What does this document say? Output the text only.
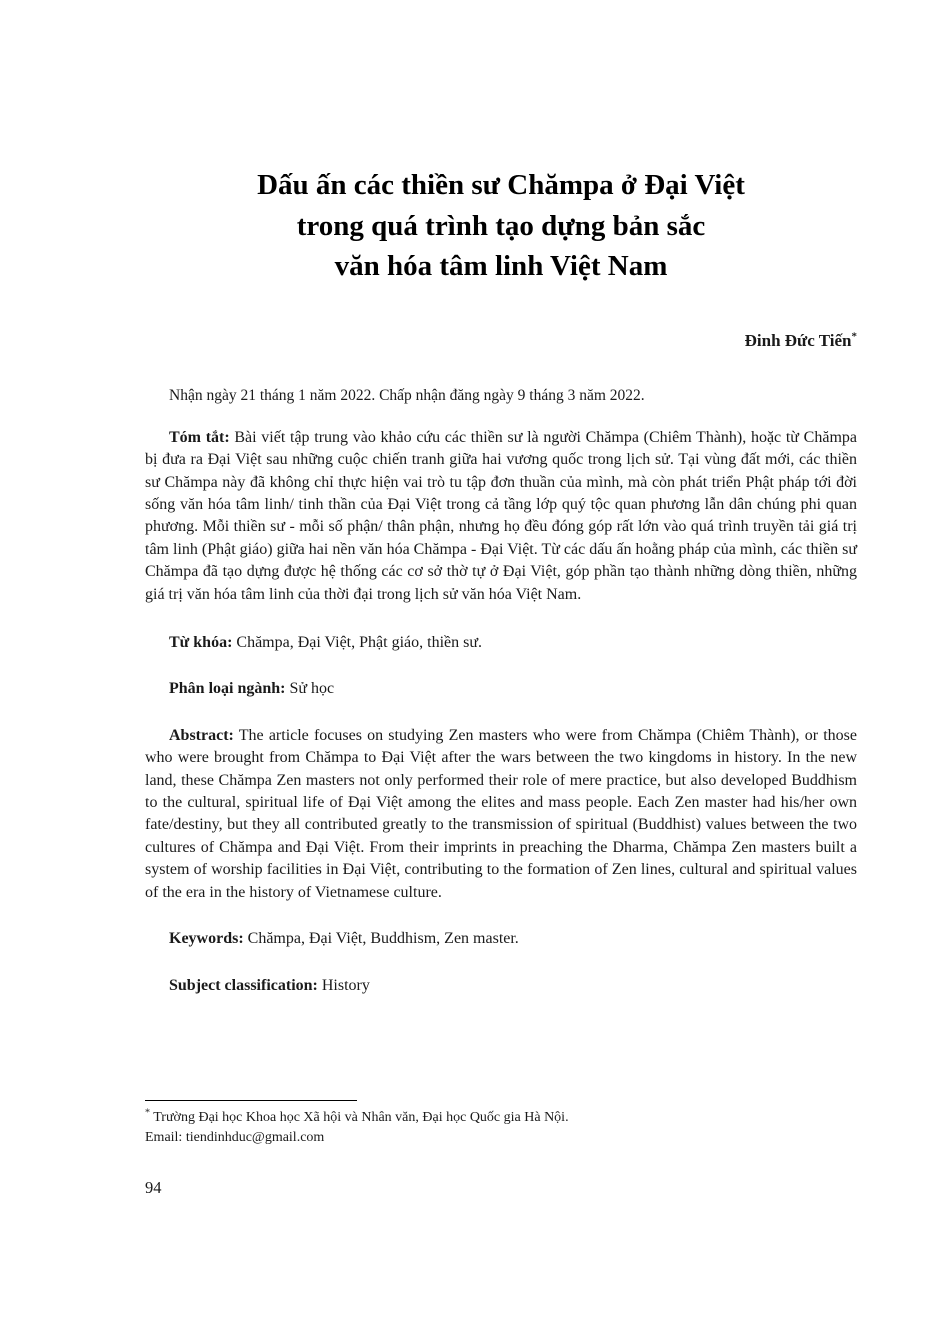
Dấu ấn các thiền sư Chămpa ở Đại Việt
trong quá trình tạo dựng bản sắc
văn hóa tâm linh Việt Nam
Đinh Đức Tiến*
Nhận ngày 21 tháng 1 năm 2022. Chấp nhận đăng ngày 9 tháng 3 năm 2022.

Tóm tắt: Bài viết tập trung vào khảo cứu các thiền sư là người Chămpa (Chiêm Thành), hoặc từ Chămpa bị đưa ra Đại Việt sau những cuộc chiến tranh giữa hai vương quốc trong lịch sử. Tại vùng đất mới, các thiền sư Chămpa này đã không chỉ thực hiện vai trò tu tập đơn thuần của mình, mà còn phát triển Phật pháp tới đời sống văn hóa tâm linh/ tinh thần của Đại Việt trong cả tầng lớp quý tộc quan phương lẫn dân chúng phi quan phương. Mỗi thiền sư - mỗi số phận/ thân phận, nhưng họ đều đóng góp rất lớn vào quá trình truyền tải giá trị tâm linh (Phật giáo) giữa hai nền văn hóa Chămpa - Đại Việt. Từ các dấu ấn hoằng pháp của mình, các thiền sư Chămpa đã tạo dựng được hệ thống các cơ sở thờ tự ở Đại Việt, góp phần tạo thành những dòng thiền, những giá trị văn hóa tâm linh của thời đại trong lịch sử văn hóa Việt Nam.

Từ khóa: Chămpa, Đại Việt, Phật giáo, thiền sư.

Phân loại ngành: Sử học

Abstract: The article focuses on studying Zen masters who were from Chămpa (Chiêm Thành), or those who were brought from Chămpa to Đại Việt after the wars between the two kingdoms in history. In the new land, these Chămpa Zen masters not only performed their role of mere practice, but also developed Buddhism to the cultural, spiritual life of Đại Việt among the elites and mass people. Each Zen master had his/her own fate/destiny, but they all contributed greatly to the transmission of spiritual (Buddhist) values between the two cultures of Chămpa and Đại Việt. From their imprints in preaching the Dharma, Chămpa Zen masters built a system of worship facilities in Đại Việt, contributing to the formation of Zen lines, cultural and spiritual values of the era in the history of Vietnamese culture.

Keywords: Chămpa, Đại Việt, Buddhism, Zen master.

Subject classification: History

* Trường Đại học Khoa học Xã hội và Nhân văn, Đại học Quốc gia Hà Nội.
Email: tiendinhduc@gmail.com
94
